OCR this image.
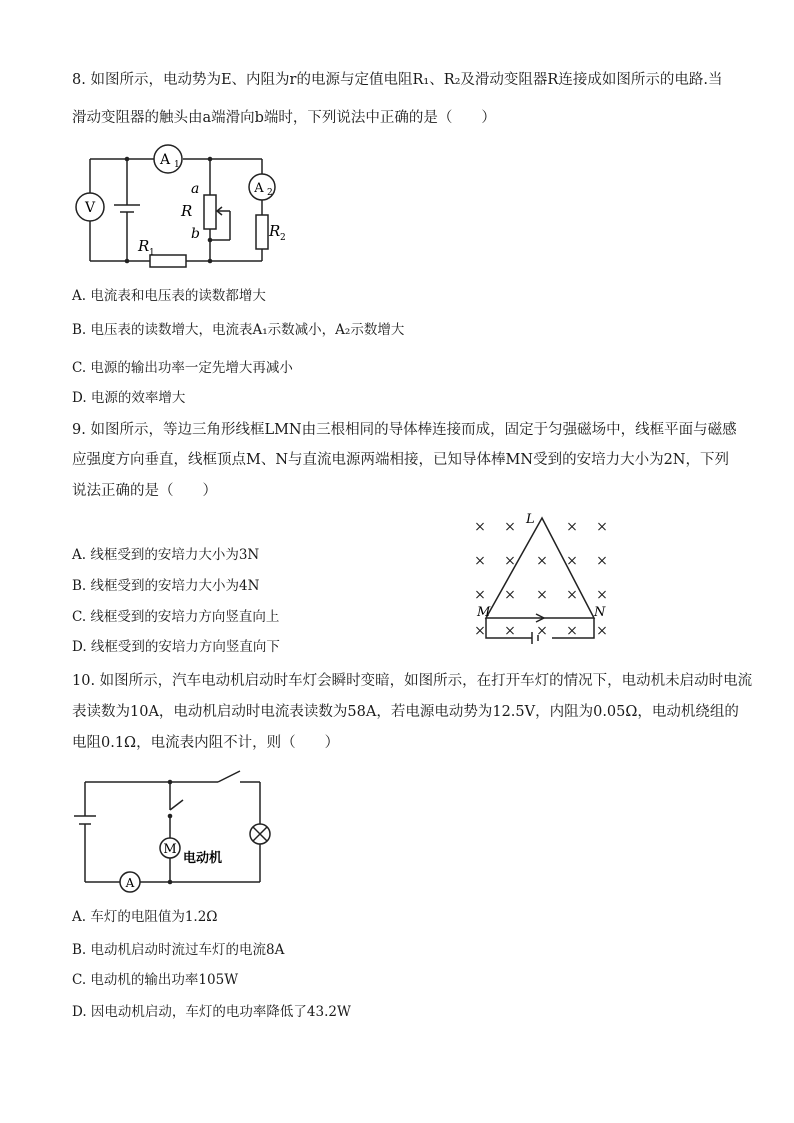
8. 如图所示，电动势为E、内阻为r的电源与定值电阻R₁、R₂及滑动变阻器R连接成如图所示的电路.当
滑动变阻器的触头由a端滑向b端时，下列说法中正确的是（　　）
V
A 1
A 2
a
R
b
R 1
R 2
A. 电流表和电压表的读数都增大
B. 电压表的读数增大，电流表A₁示数减小，A₂示数增大
C. 电源的输出功率一定先增大再减小
D. 电源的效率增大
9. 如图所示，等边三角形线框LMN由三根相同的导体棒连接而成，固定于匀强磁场中，线框平面与磁感
应强度方向垂直，线框顶点M、N与直流电源两端相接，已知导体棒MN受到的安培力大小为2N，下列
说法正确的是（　　）
× ×	× ×
× × × × ×
× × × × ×
× × × × ×
L
M	N
A. 线框受到的安培力大小为3N
B. 线框受到的安培力大小为4N
C. 线框受到的安培力方向竖直向上
D. 线框受到的安培力方向竖直向下
10. 如图所示，汽车电动机启动时车灯会瞬时变暗，如图所示，在打开车灯的情况下，电动机未启动时电流
表读数为10A，电动机启动时电流表读数为58A，若电源电动势为12.5V，内阻为0.05Ω，电动机绕组的
电阻0.1Ω，电流表内阻不计，则（　　）
M
A
电动机
A. 车灯的电阻值为1.2Ω
B. 电动机启动时流过车灯的电流8A
C. 电动机的输出功率105W
D. 因电动机启动，车灯的电功率降低了43.2W
